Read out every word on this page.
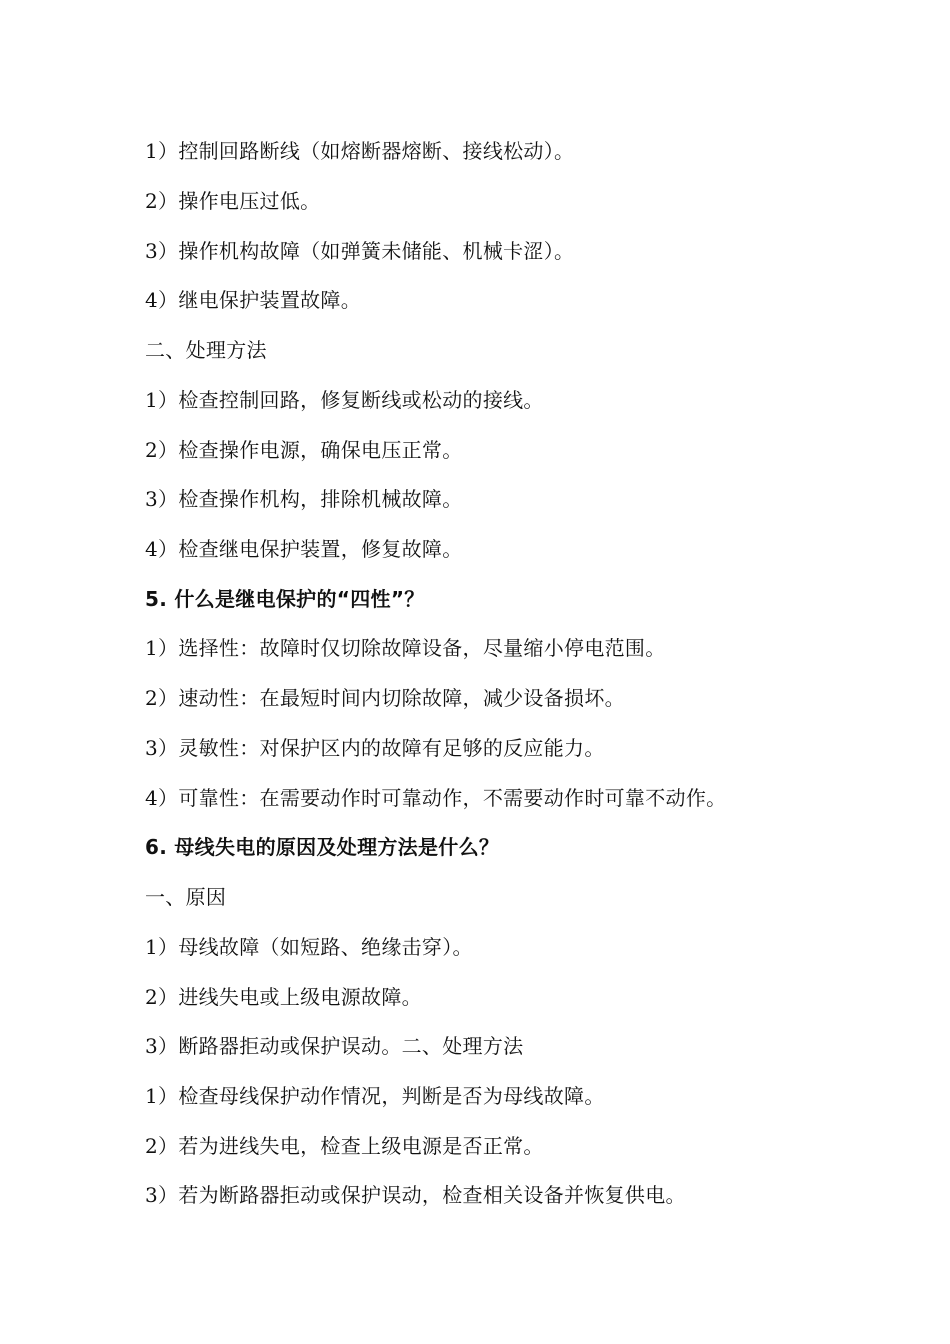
1）控制回路断线（如熔断器熔断、接线松动）。
2）操作电压过低。
3）操作机构故障（如弹簧未储能、机械卡涩）。
4）继电保护装置故障。
二、处理方法
1）检查控制回路，修复断线或松动的接线。
2）检查操作电源，确保电压正常。
3）检查操作机构，排除机械故障。
4）检查继电保护装置，修复故障。
5. 什么是继电保护的“四性”？
1）选择性：故障时仅切除故障设备，尽量缩小停电范围。
2）速动性：在最短时间内切除故障，减少设备损坏。
3）灵敏性：对保护区内的故障有足够的反应能力。
4）可靠性：在需要动作时可靠动作，不需要动作时可靠不动作。
6. 母线失电的原因及处理方法是什么？
一、原因
1）母线故障（如短路、绝缘击穿）。
2）进线失电或上级电源故障。
3）断路器拒动或保护误动。二、处理方法
1）检查母线保护动作情况，判断是否为母线故障。
2）若为进线失电，检查上级电源是否正常。
3）若为断路器拒动或保护误动，检查相关设备并恢复供电。
